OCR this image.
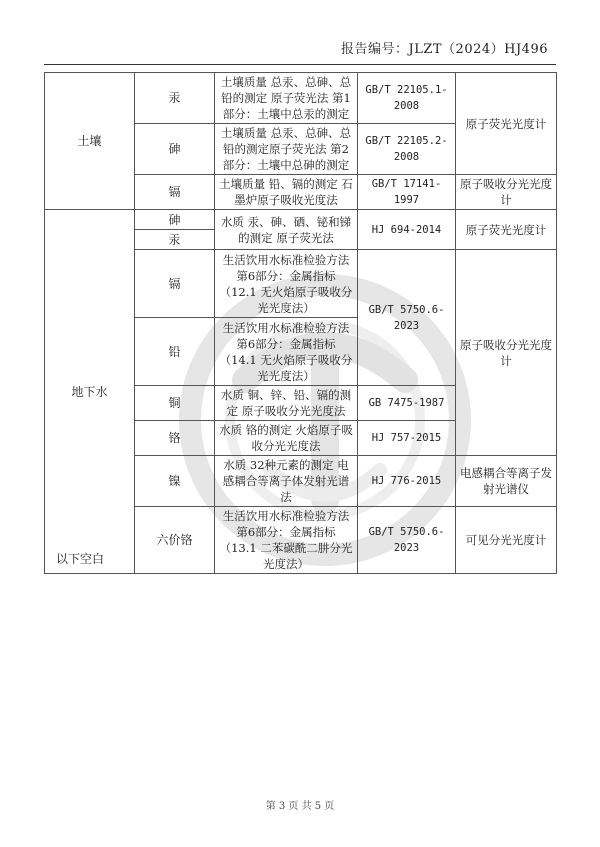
报告编号：JLZT（2024）HJ496
土壤	汞	土壤质量 总汞、总砷、总铅的测定 原子荧光法 第1部分：土壤中总汞的测定	GB/T 22105.1-2008	原子荧光光度计
	砷	土壤质量 总汞、总砷、总铅的测定原子荧光法 第2部分：土壤中总砷的测定	GB/T 22105.2-2008	
	镉	土壤质量 铅、镉的测定 石墨炉原子吸收光度法	GB/T 17141-1997	原子吸收分光光度计
地下水	砷	水质 汞、砷、硒、铋和锑的测定 原子荧光法	HJ 694-2014	原子荧光光度计
	汞			
	镉	生活饮用水标准检验方法 第6部分：金属指标（12.1 无火焰原子吸收分光光度法）	GB/T 5750.6-2023	原子吸收分光光度计
	铅	生活饮用水标准检验方法 第6部分：金属指标（14.1 无火焰原子吸收分光光度法）		
	铜	水质 铜、锌、铅、镉的测定 原子吸收分光光度法	GB 7475-1987	
	铬	水质 铬的测定 火焰原子吸收分光光度法	HJ 757-2015	
	镍	水质 32种元素的测定 电感耦合等离子体发射光谱法	HJ 776-2015	电感耦合等离子发射光谱仪
	六价铬	生活饮用水标准检验方法 第6部分：金属指标（13.1 二苯碳酰二肼分光光度法）	GB/T 5750.6-2023	可见分光光度计
以下空白
第 3 页 共 5 页
